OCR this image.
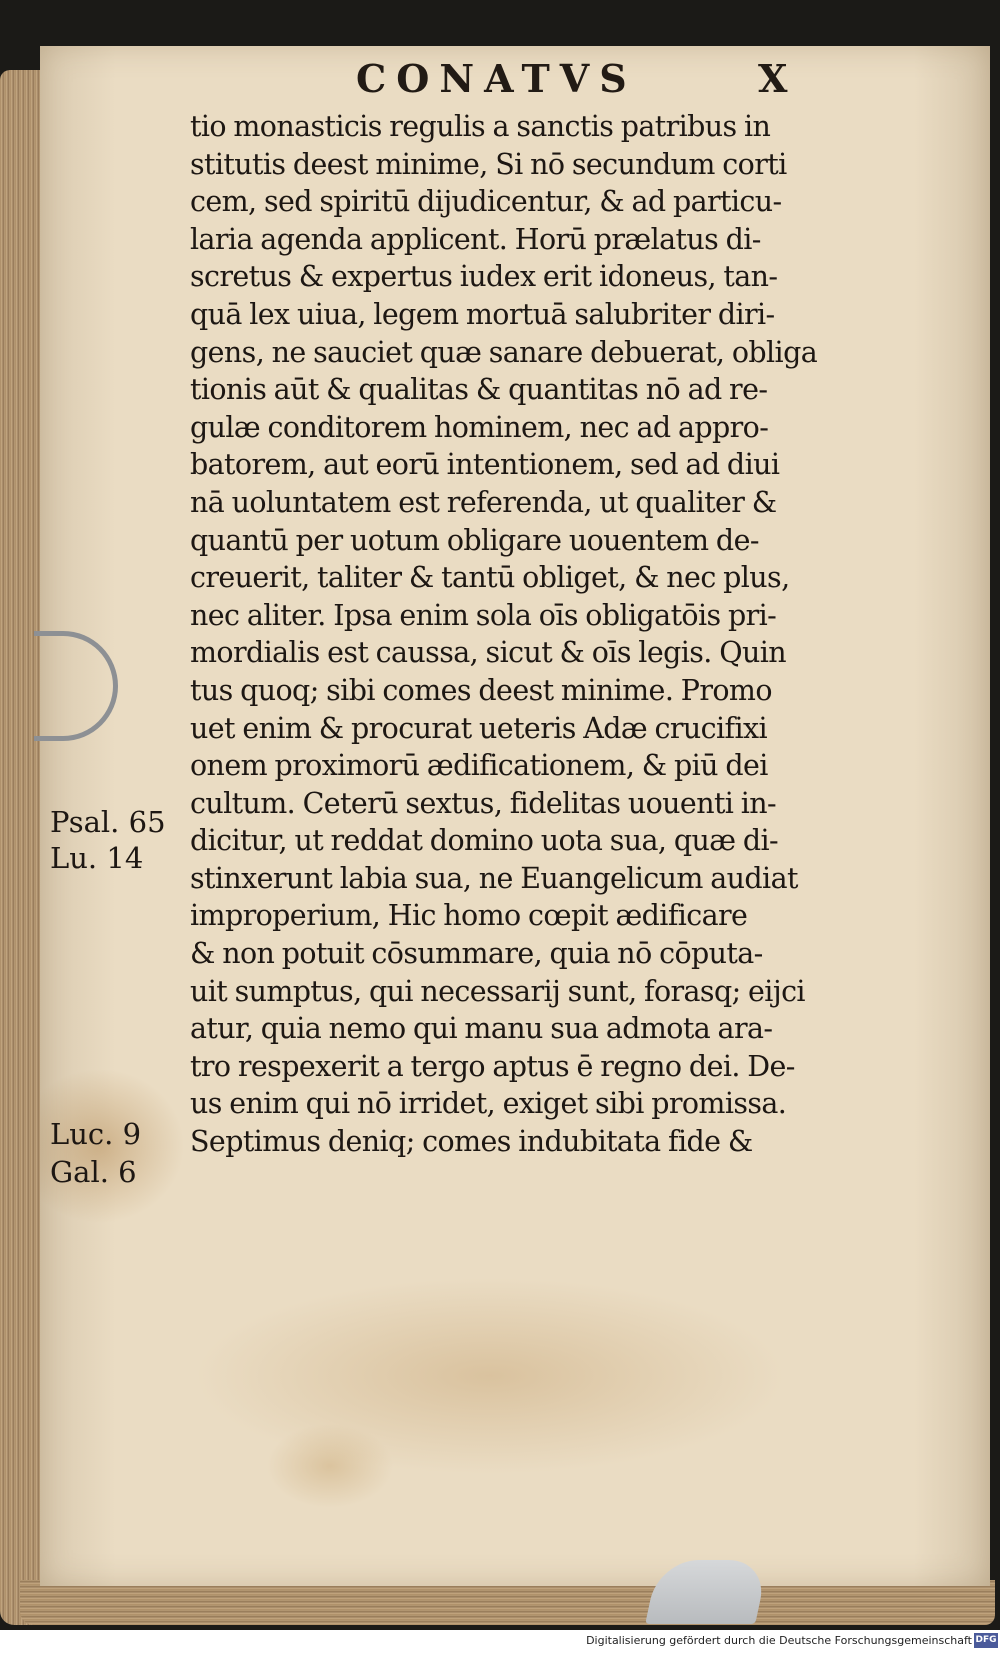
CONATVS	X
tio monasticis regulis a sanctis patribus in
stitutis deest minime, Si nō secundum corti
cem, sed spiritū dijudicentur, & ad particu-
laria agenda applicent. Horū prælatus di-
scretus & expertus iudex erit idoneus, tan-
quā lex uiua, legem mortuā salubriter diri-
gens, ne sauciet quæ sanare debuerat, obliga
tionis aūt & qualitas & quantitas nō ad re-
gulæ conditorem hominem, nec ad appro-
batorem, aut eorū intentionem, sed ad diui
nā uoluntatem est referenda, ut qualiter &
quantū per uotum obligare uouentem de-
creuerit, taliter & tantū obliget, & nec plus,
nec aliter. Ipsa enim sola oīs obligatōis pri-
mordialis est caussa, sicut & oīs legis. Quin
tus quoq; sibi comes deest minime. Promo
uet enim & procurat ueteris Adæ crucifixi
onem proximorū ædificationem, & piū dei
cultum. Ceterū sextus, fidelitas uouenti in-
dicitur, ut reddat domino uota sua, quæ di-
stinxerunt labia sua, ne Euangelicum audiat
improperium, Hic homo cœpit ædificare
& non potuit cōsummare, quia nō cōputa-
uit sumptus, qui necessarij sunt, forasq; eijci
atur, quia nemo qui manu sua admota ara-
tro respexerit a tergo aptus ē regno dei. De-
us enim qui nō irridet, exiget sibi promissa.
Septimus deniq; comes indubitata fide &
Psal. 65
Lu. 14
Luc. 9
Gal. 6
Digitalisierung gefördert durch die Deutsche Forschungsgemeinschaft DFG
